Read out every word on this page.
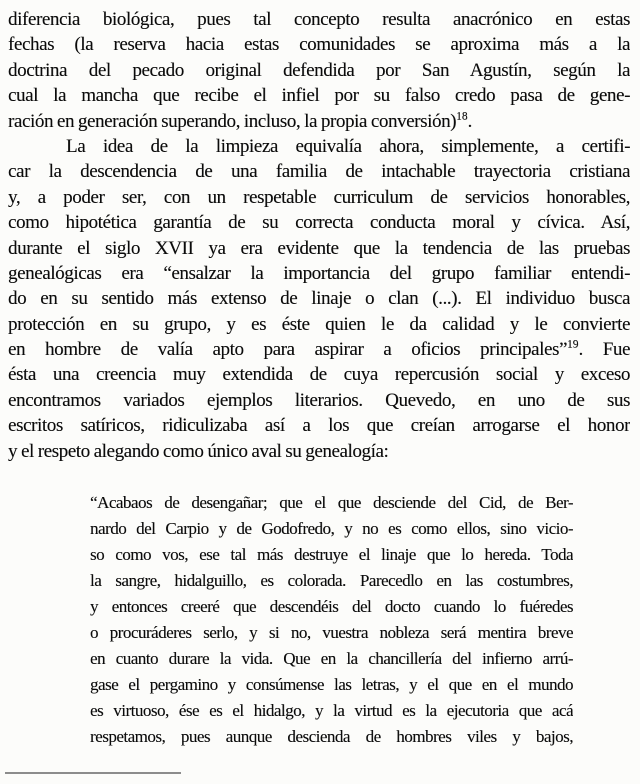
diferencia biológica, pues tal concepto resulta anacrónico en estas
fechas (la reserva hacia estas comunidades se aproxima más a la
doctrina del pecado original defendida por San Agustín, según la
cual la mancha que recibe el infiel por su falso credo pasa de gene-
ración en generación superando, incluso, la propia conversión)$^{18}$.
La idea de la limpieza equivalía ahora, simplemente, a certifi-
car la descendencia de una familia de intachable trayectoria cristiana
y, a poder ser, con un respetable curriculum de servicios honorables,
como hipotética garantía de su correcta conducta moral y cívica. Así,
durante el siglo XVII ya era evidente que la tendencia de las pruebas
genealógicas era “ensalzar la importancia del grupo familiar entendi-
do en su sentido más extenso de linaje o clan (...). El individuo busca
protección en su grupo, y es éste quien le da calidad y le convierte
en hombre de valía apto para aspirar a oficios principales”$^{19}$. Fue
ésta una creencia muy extendida de cuya repercusión social y exceso
encontramos variados ejemplos literarios. Quevedo, en uno de sus
escritos satíricos, ridiculizaba así a los que creían arrogarse el honor
y el respeto alegando como único aval su genealogía:
“Acabaos de desengañar; que el que desciende del Cid, de Ber-
nardo del Carpio y de Godofredo, y no es como ellos, sino vicio-
so como vos, ese tal más destruye el linaje que lo hereda. Toda
la sangre, hidalguillo, es colorada. Parecedlo en las costumbres,
y entonces creeré que descendéis del docto cuando lo fuéredes
o procuráderes serlo, y si no, vuestra nobleza será mentira breve
en cuanto durare la vida. Que en la chancillería del infierno arrú-
gase el pergamino y consúmense las letras, y el que en el mundo
es virtuoso, ése es el hidalgo, y la virtud es la ejecutoria que acá
respetamos, pues aunque descienda de hombres viles y bajos,
